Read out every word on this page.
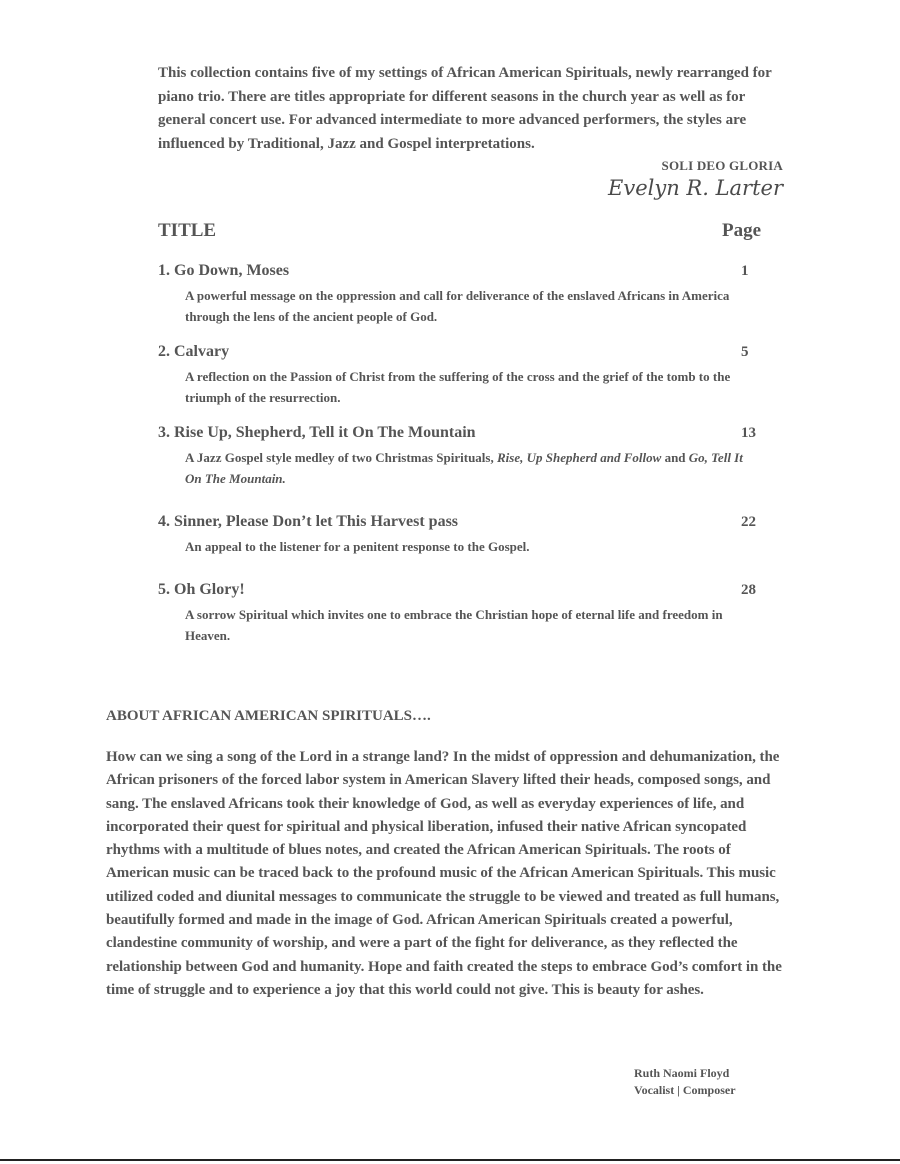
This collection contains five of my settings of African American Spirituals, newly rearranged for piano trio. There are titles appropriate for different seasons in the church year as well as for general concert use. For advanced intermediate to more advanced performers, the styles are influenced by Traditional, Jazz and Gospel interpretations.

SOLI DEO GLORIA
Evelyn R. Larter
TITLE	Page
1. Go Down, Moses	1

A powerful message on the oppression and call for deliverance of the enslaved Africans in America through the lens of the ancient people of God.

2. Calvary	5

A reflection on the Passion of Christ from the suffering of the cross and the grief of the tomb to the triumph of the resurrection.

3. Rise Up, Shepherd, Tell it On The Mountain	13

A Jazz Gospel style medley of two Christmas Spirituals, Rise, Up Shepherd and Follow and Go, Tell It On The Mountain.

4. Sinner, Please Don’t let This Harvest pass	22

An appeal to the listener for a penitent response to the Gospel.

5. Oh Glory!	28

A sorrow Spiritual which invites one to embrace the Christian hope of eternal life and freedom in Heaven.

ABOUT AFRICAN AMERICAN SPIRITUALS….

How can we sing a song of the Lord in a strange land? In the midst of oppression and dehumanization, the African prisoners of the forced labor system in American Slavery lifted their heads, composed songs, and sang. The enslaved Africans took their knowledge of God, as well as everyday experiences of life, and incorporated their quest for spiritual and physical liberation, infused their native African syncopated rhythms with a multitude of blues notes, and created the African American Spirituals. The roots of American music can be traced back to the profound music of the African American Spirituals. This music utilized coded and diunital messages to communicate the struggle to be viewed and treated as full humans, beautifully formed and made in the image of God. African American Spirituals created a powerful, clandestine community of worship, and were a part of the fight for deliverance, as they reflected the relationship between God and humanity. Hope and faith created the steps to embrace God’s comfort in the time of struggle and to experience a joy that this world could not give. This is beauty for ashes.

Ruth Naomi Floyd
Vocalist | Composer
